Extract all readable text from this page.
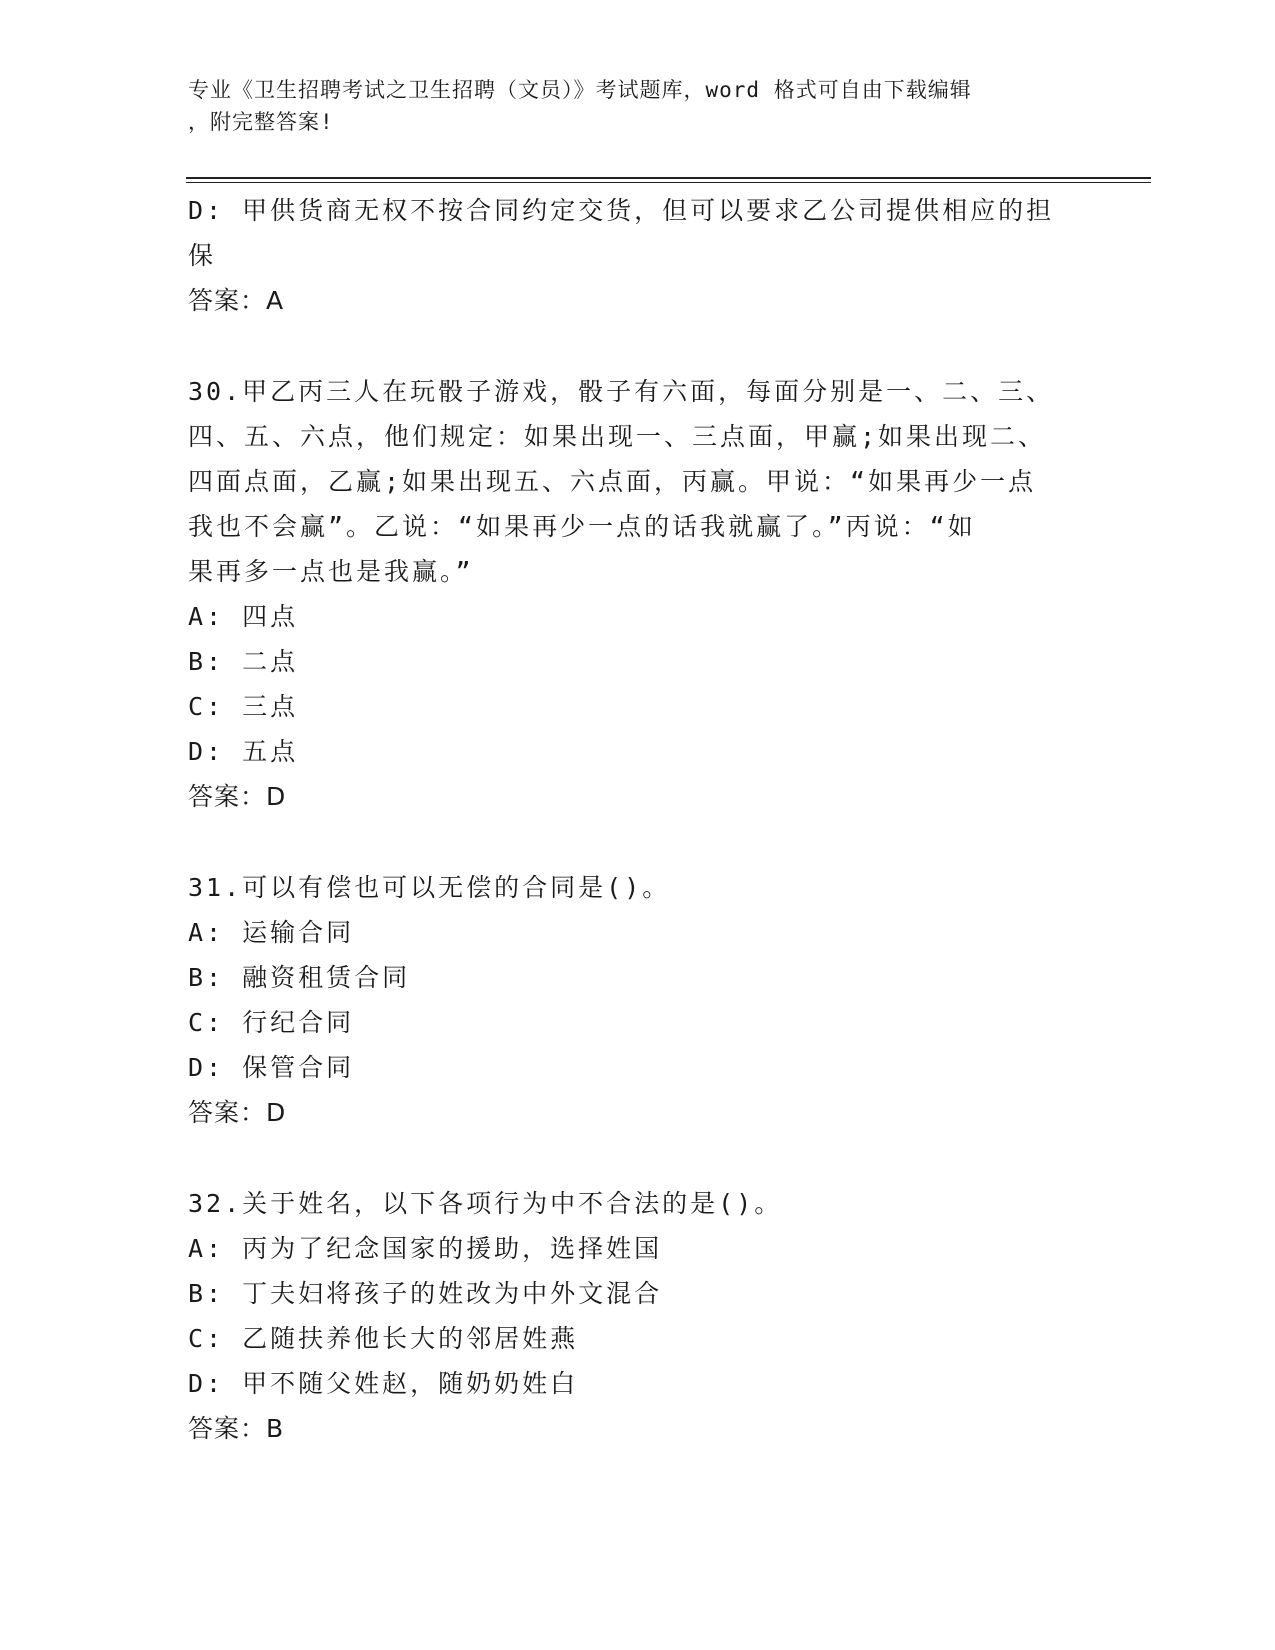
专业《卫生招聘考试之卫生招聘（文员）》考试题库，word 格式可自由下载编辑
，附完整答案!
D: 甲供货商无权不按合同约定交货，但可以要求乙公司提供相应的担
保
答案：A
30.甲乙丙三人在玩骰子游戏，骰子有六面，每面分别是一、二、三、
四、五、六点，他们规定：如果出现一、三点面，甲赢;如果出现二、
四面点面，乙赢;如果出现五、六点面，丙赢。甲说：“如果再少一点
我也不会赢”。乙说：“如果再少一点的话我就赢了。”丙说：“如
果再多一点也是我赢。”
A: 四点
B: 二点
C: 三点
D: 五点
答案：D
31.可以有偿也可以无偿的合同是()。
A: 运输合同
B: 融资租赁合同
C: 行纪合同
D: 保管合同
答案：D
32.关于姓名，以下各项行为中不合法的是()。
A: 丙为了纪念国家的援助，选择姓国
B: 丁夫妇将孩子的姓改为中外文混合
C: 乙随扶养他长大的邻居姓燕
D: 甲不随父姓赵，随奶奶姓白
答案：B
